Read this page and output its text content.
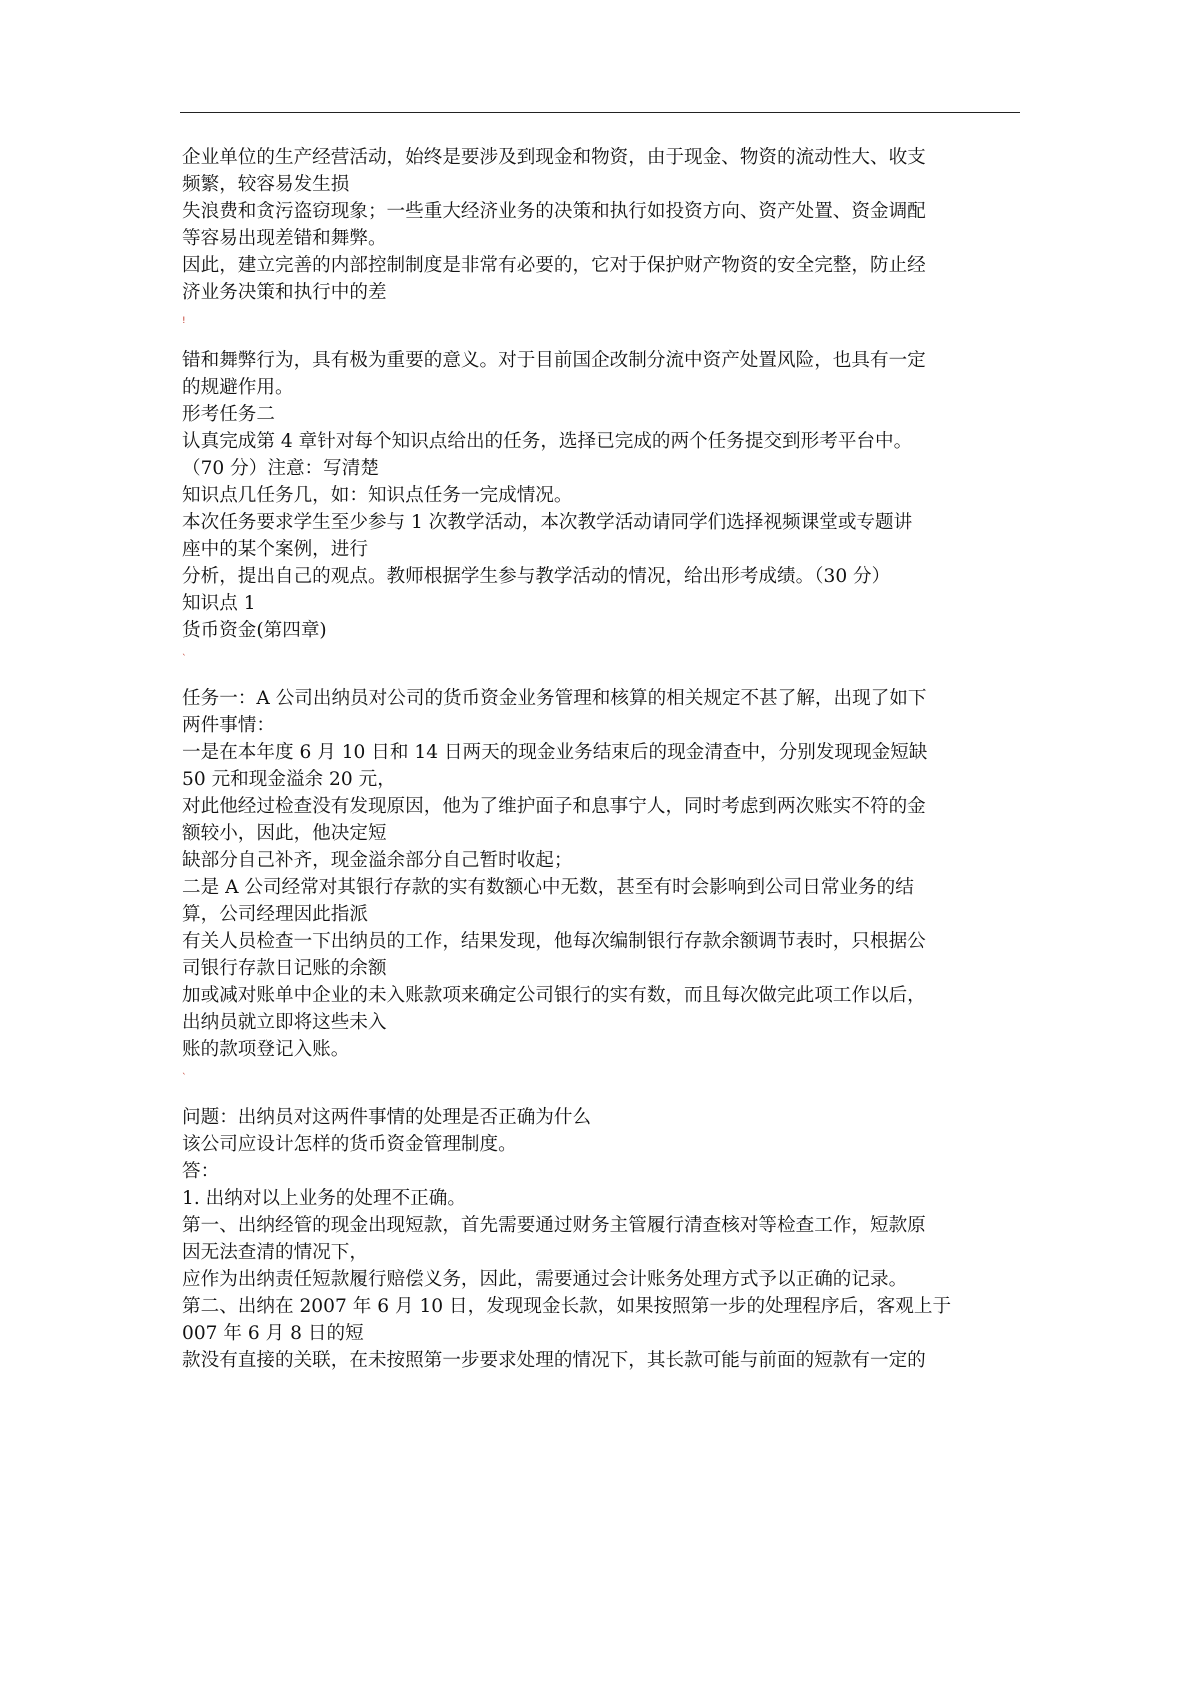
企业单位的生产经营活动，始终是要涉及到现金和物资，由于现金、物资的流动性大、收支
频繁，较容易发生损
失浪费和贪污盗窃现象；一些重大经济业务的决策和执行如投资方向、资产处置、资金调配
等容易出现差错和舞弊。
因此，建立完善的内部控制制度是非常有必要的，它对于保护财产物资的安全完整，防止经
济业务决策和执行中的差
!
错和舞弊行为，具有极为重要的意义。对于目前国企改制分流中资产处置风险，也具有一定
的规避作用。
形考任务二
认真完成第 4 章针对每个知识点给出的任务，选择已完成的两个任务提交到形考平台中。
（70 分）注意：写清楚
知识点几任务几，如：知识点任务一完成情况。
本次任务要求学生至少参与 1 次教学活动，本次教学活动请同学们选择视频课堂或专题讲
座中的某个案例，进行
分析，提出自己的观点。教师根据学生参与教学活动的情况，给出形考成绩。（30 分）
知识点 1
货币资金(第四章)
`
任务一：A 公司出纳员对公司的货币资金业务管理和核算的相关规定不甚了解，出现了如下
两件事情：
一是在本年度 6 月 10 日和 14 日两天的现金业务结束后的现金清查中，分别发现现金短缺
50 元和现金溢余 20 元，
对此他经过检查没有发现原因，他为了维护面子和息事宁人，同时考虑到两次账实不符的金
额较小，因此，他决定短
缺部分自己补齐，现金溢余部分自己暂时收起；
二是 A 公司经常对其银行存款的实有数额心中无数，甚至有时会影响到公司日常业务的结
算，公司经理因此指派
有关人员检查一下出纳员的工作，结果发现，他每次编制银行存款余额调节表时，只根据公
司银行存款日记账的余额
加或减对账单中企业的未入账款项来确定公司银行的实有数，而且每次做完此项工作以后，
出纳员就立即将这些未入
账的款项登记入账。
`
问题：出纳员对这两件事情的处理是否正确为什么
该公司应设计怎样的货币资金管理制度。
答：
1. 出纳对以上业务的处理不正确。
第一、出纳经管的现金出现短款，首先需要通过财务主管履行清查核对等检查工作，短款原
因无法查清的情况下，
应作为出纳责任短款履行赔偿义务，因此，需要通过会计账务处理方式予以正确的记录。
第二、出纳在 2007 年 6 月 10 日，发现现金长款，如果按照第一步的处理程序后，客观上于
007 年 6 月 8 日的短
款没有直接的关联，在未按照第一步要求处理的情况下，其长款可能与前面的短款有一定的
